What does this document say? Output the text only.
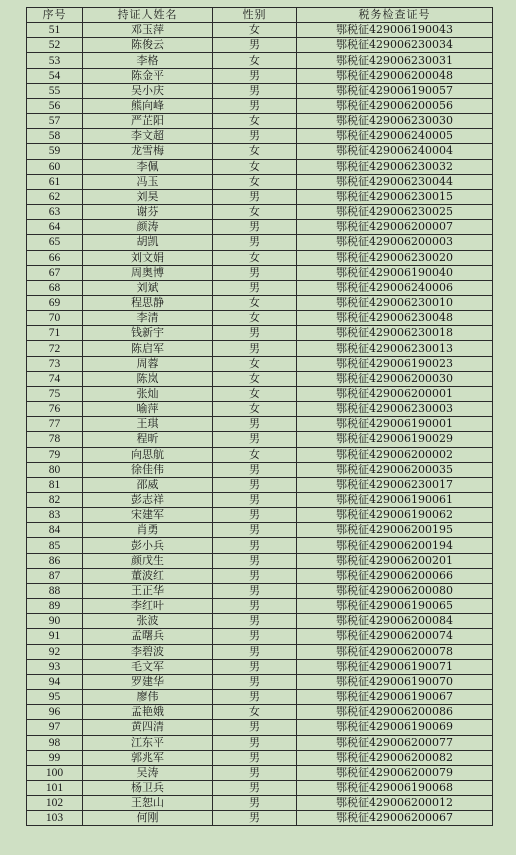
序号	持证人姓名	性别	税务检查证号
51	邓玉萍	女	鄂税征429006190043
52	陈俊云	男	鄂税征429006230034
53	李格	女	鄂税征429006230031
54	陈金平	男	鄂税征429006200048
55	吴小庆	男	鄂税征429006190057
56	熊向峰	男	鄂税征429006200056
57	严芷阳	女	鄂税征429006230030
58	李文超	男	鄂税征429006240005
59	龙雪梅	女	鄂税征429006240004
60	李佩	女	鄂税征429006230032
61	冯玉	女	鄂税征429006230044
62	刘昊	男	鄂税征429006230015
63	谢芬	女	鄂税征429006230025
64	颜涛	男	鄂税征429006200007
65	胡凯	男	鄂税征429006200003
66	刘文娟	女	鄂税征429006230020
67	周奥博	男	鄂税征429006190040
68	刘斌	男	鄂税征429006240006
69	程思静	女	鄂税征429006230010
70	李清	女	鄂税征429006230048
71	钱新宇	男	鄂税征429006230018
72	陈启军	男	鄂税征429006230013
73	周蓉	女	鄂税征429006190023
74	陈岚	女	鄂税征429006200030
75	张灿	女	鄂税征429006200001
76	喻萍	女	鄂税征429006230003
77	王琪	男	鄂税征429006190001
78	程昕	男	鄂税征429006190029
79	向思航	女	鄂税征429006200002
80	徐佳伟	男	鄂税征429006200035
81	邵威	男	鄂税征429006230017
82	彭志祥	男	鄂税征429006190061
83	宋建军	男	鄂税征429006190062
84	肖勇	男	鄂税征429006200195
85	彭小兵	男	鄂税征429006200194
86	颜戊生	男	鄂税征429006200201
87	董波红	男	鄂税征429006200066
88	王正华	男	鄂税征429006200080
89	李红叶	男	鄂税征429006190065
90	张波	男	鄂税征429006200084
91	孟曙兵	男	鄂税征429006200074
92	李碧波	男	鄂税征429006200078
93	毛文军	男	鄂税征429006190071
94	罗建华	男	鄂税征429006190070
95	廖伟	男	鄂税征429006190067
96	孟艳娥	女	鄂税征429006200086
97	黄四清	男	鄂税征429006190069
98	江东平	男	鄂税征429006200077
99	郭兆军	男	鄂税征429006200082
100	吴涛	男	鄂税征429006200079
101	杨卫兵	男	鄂税征429006190068
102	王恕山	男	鄂税征429006200012
103	何刚	男	鄂税征429006200067
